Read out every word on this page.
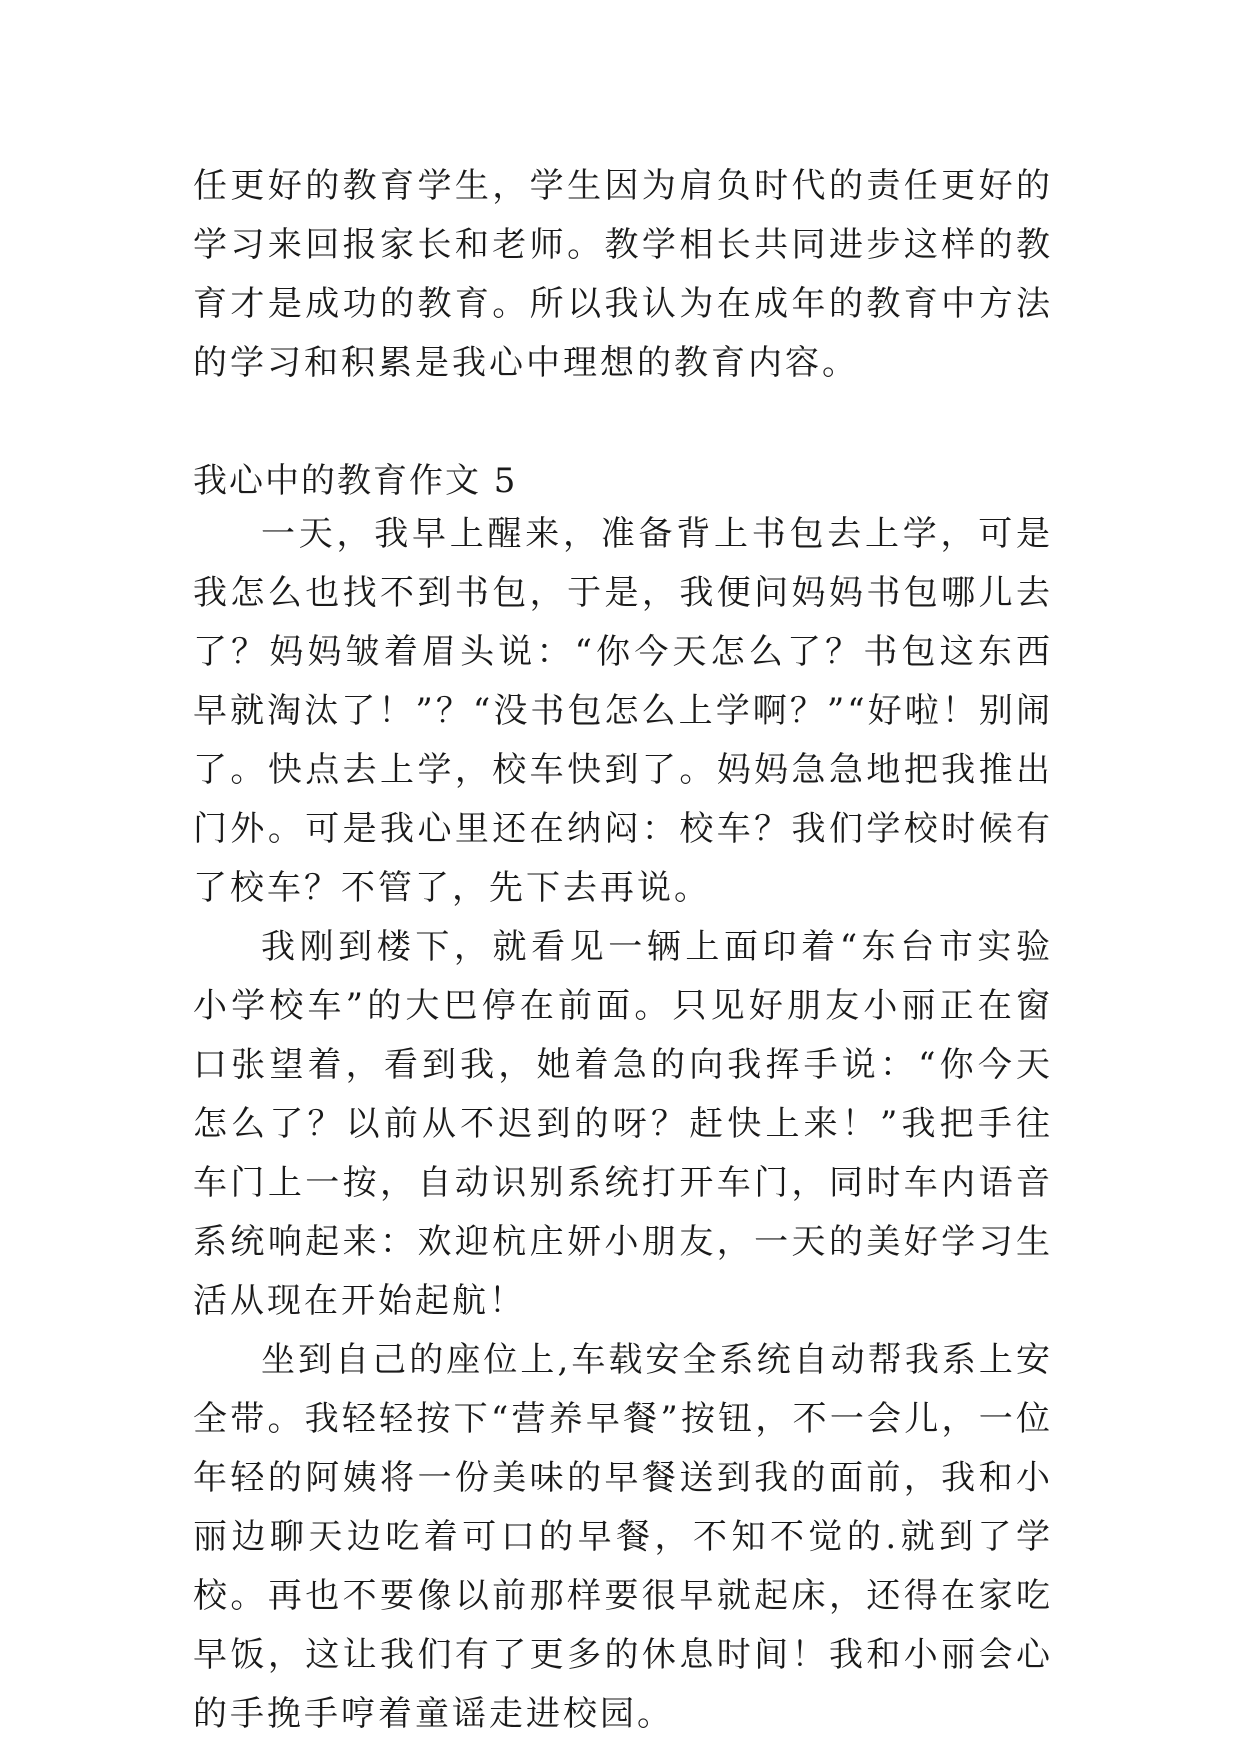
任更好的教育学生，学生因为肩负时代的责任更好的学习来回报家长和老师。教学相长共同进步这样的教育才是成功的教育。所以我认为在成年的教育中方法的学习和积累是我心中理想的教育内容。

我心中的教育作文 5

一天，我早上醒来，准备背上书包去上学，可是我怎么也找不到书包，于是，我便问妈妈书包哪儿去了？妈妈皱着眉头说：“你今天怎么了？书包这东西早就淘汰了！”？“没书包怎么上学啊？”“好啦！别闹了。快点去上学，校车快到了。妈妈急急地把我推出门外。可是我心里还在纳闷：校车？我们学校时候有了校车？不管了，先下去再说。

我刚到楼下，就看见一辆上面印着“东台市实验小学校车”的大巴停在前面。只见好朋友小丽正在窗口张望着，看到我，她着急的向我挥手说：“你今天怎么了？以前从不迟到的呀？赶快上来！”我把手往车门上一按，自动识别系统打开车门，同时车内语音系统响起来：欢迎杭庄妍小朋友，一天的美好学习生活从现在开始起航！

坐到自己的座位上,车载安全系统自动帮我系上安全带。我轻轻按下“营养早餐”按钮，不一会儿，一位年轻的阿姨将一份美味的早餐送到我的面前，我和小丽边聊天边吃着可口的早餐，不知不觉的.就到了学校。再也不要像以前那样要很早就起床，还得在家吃早饭，这让我们有了更多的休息时间！我和小丽会心的手挽手哼着童谣走进校园。
